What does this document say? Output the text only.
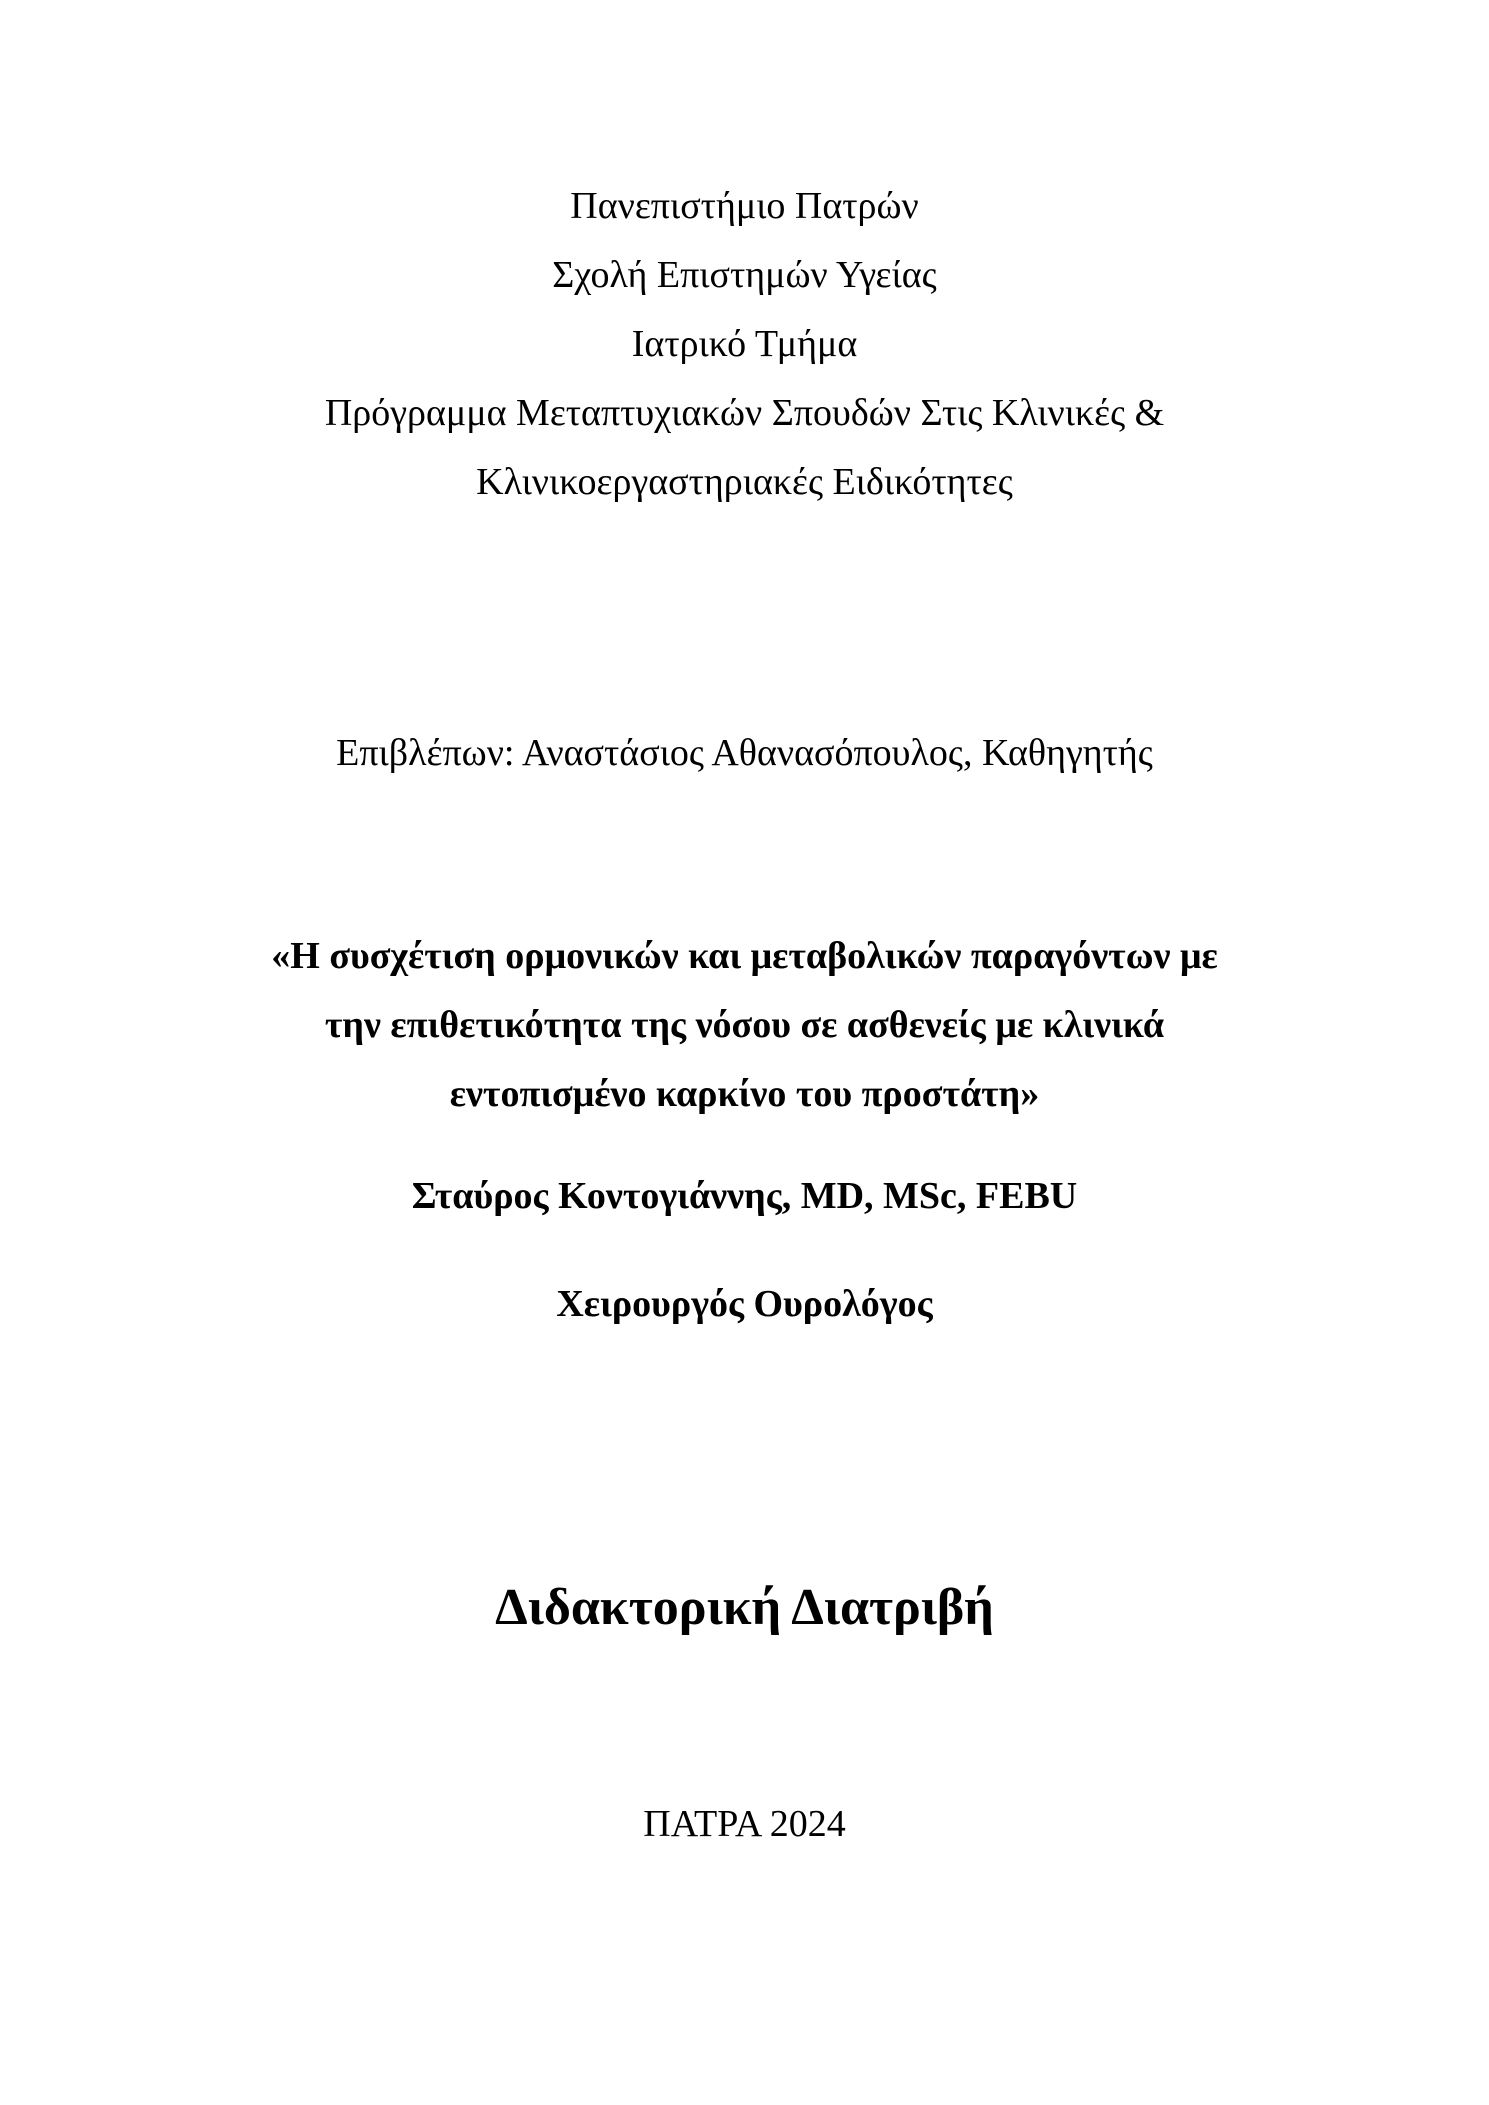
Πανεπιστήμιο Πατρών
Σχολή Επιστημών Υγείας
Ιατρικό Τμήμα
Πρόγραμμα Μεταπτυχιακών Σπουδών Στις Κλινικές &
Κλινικοεργαστηριακές Ειδικότητες
Επιβλέπων: Αναστάσιος Αθανασόπουλος, Καθηγητής
«Η συσχέτιση ορμονικών και μεταβολικών παραγόντων με
την επιθετικότητα της νόσου σε ασθενείς με κλινικά
εντοπισμένο καρκίνο του προστάτη»
Σταύρος Κοντογιάννης, MD, MSc, FEBU
Χειρουργός Ουρολόγος
Διδακτορική Διατριβή
ΠΑΤΡΑ 2024
